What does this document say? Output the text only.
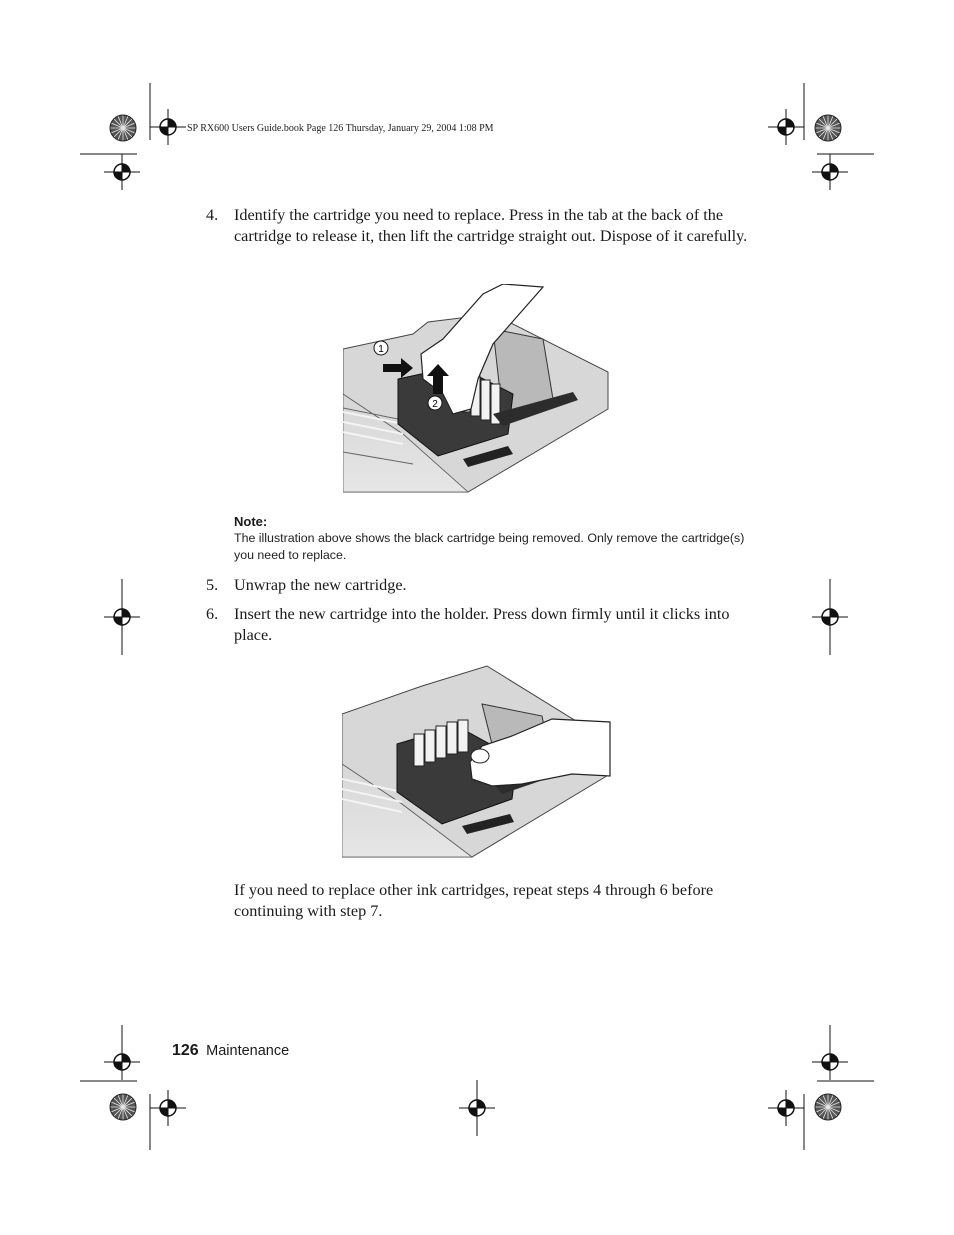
SP RX600 Users Guide.book Page 126 Thursday, January 29, 2004 1:08 PM
4. Identify the cartridge you need to replace. Press in the tab at the back of the cartridge to release it, then lift the cartridge straight out. Dispose of it carefully.
1
2
Note:
The illustration above shows the black cartridge being removed. Only remove the cartridge(s) you need to replace.
5. Unwrap the new cartridge.
6. Insert the new cartridge into the holder. Press down firmly until it clicks into place.
If you need to replace other ink cartridges, repeat steps 4 through 6 before continuing with step 7.
126 Maintenance
